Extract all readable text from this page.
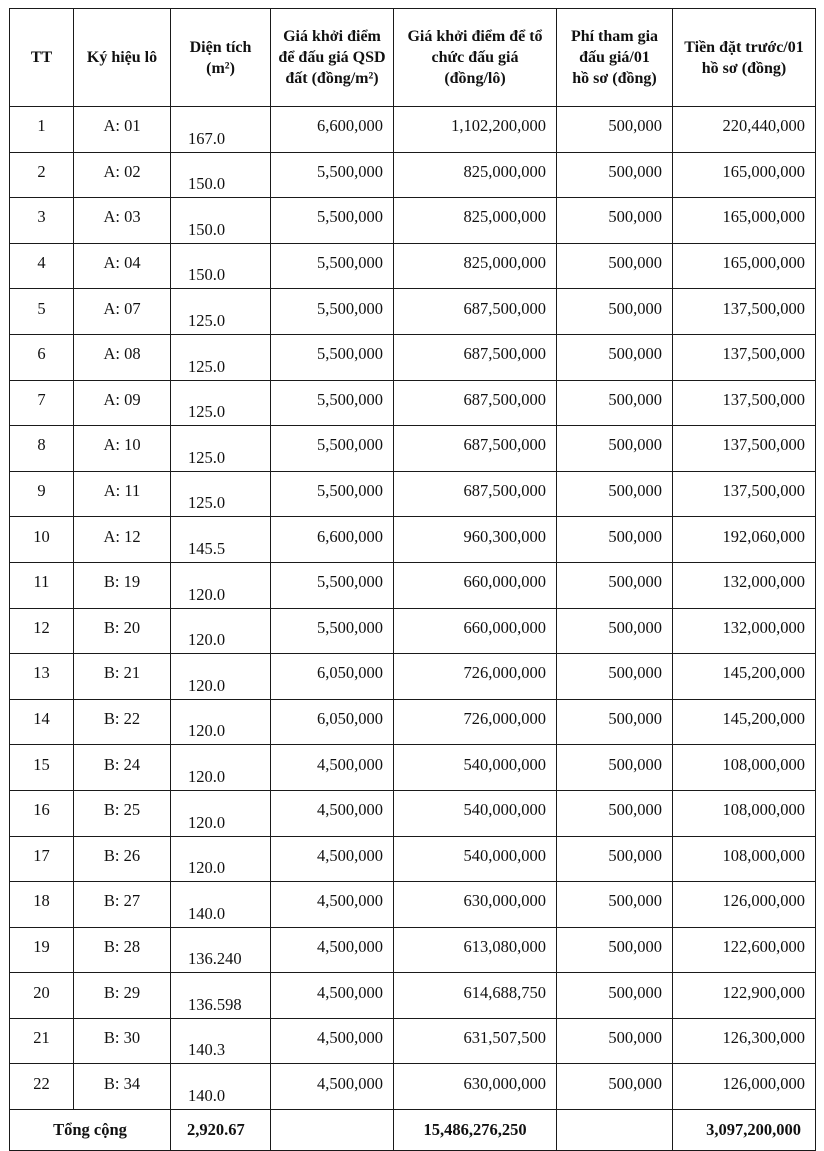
TT	Ký hiệu lô	Diện tích (m²)	Giá khởi điểm để đấu giá QSD đất (đồng/m²)	Giá khởi điểm để tổ chức đấu giá (đồng/lô)	Phí tham gia đấu giá/01 hồ sơ (đồng)	Tiền đặt trước/01 hồ sơ (đồng)
1	A: 01	167.0	6,600,000	1,102,200,000	500,000	220,440,000
2	A: 02	150.0	5,500,000	825,000,000	500,000	165,000,000
3	A: 03	150.0	5,500,000	825,000,000	500,000	165,000,000
4	A: 04	150.0	5,500,000	825,000,000	500,000	165,000,000
5	A: 07	125.0	5,500,000	687,500,000	500,000	137,500,000
6	A: 08	125.0	5,500,000	687,500,000	500,000	137,500,000
7	A: 09	125.0	5,500,000	687,500,000	500,000	137,500,000
8	A: 10	125.0	5,500,000	687,500,000	500,000	137,500,000
9	A: 11	125.0	5,500,000	687,500,000	500,000	137,500,000
10	A: 12	145.5	6,600,000	960,300,000	500,000	192,060,000
11	B: 19	120.0	5,500,000	660,000,000	500,000	132,000,000
12	B: 20	120.0	5,500,000	660,000,000	500,000	132,000,000
13	B: 21	120.0	6,050,000	726,000,000	500,000	145,200,000
14	B: 22	120.0	6,050,000	726,000,000	500,000	145,200,000
15	B: 24	120.0	4,500,000	540,000,000	500,000	108,000,000
16	B: 25	120.0	4,500,000	540,000,000	500,000	108,000,000
17	B: 26	120.0	4,500,000	540,000,000	500,000	108,000,000
18	B: 27	140.0	4,500,000	630,000,000	500,000	126,000,000
19	B: 28	136.240	4,500,000	613,080,000	500,000	122,600,000
20	B: 29	136.598	4,500,000	614,688,750	500,000	122,900,000
21	B: 30	140.3	4,500,000	631,507,500	500,000	126,300,000
22	B: 34	140.0	4,500,000	630,000,000	500,000	126,000,000
Tổng cộng		2,920.67		15,486,276,250		3,097,200,000
